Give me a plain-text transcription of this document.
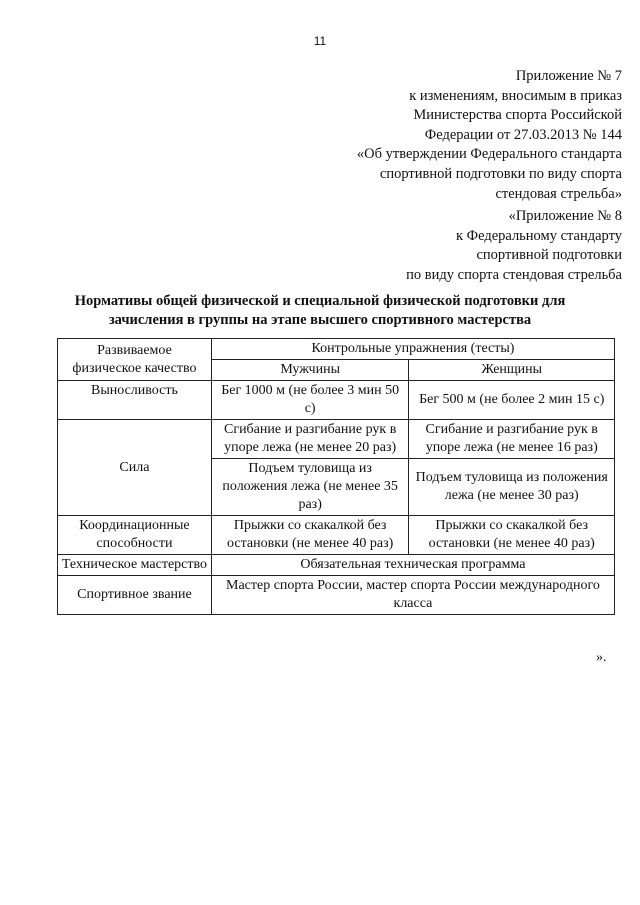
11
Приложение № 7
к изменениям, вносимым в приказ
Министерства спорта Российской
Федерации от 27.03.2013 № 144
«Об утверждении Федерального стандарта
спортивной подготовки по виду спорта
стендовая стрельба»
«Приложение № 8
к Федеральному стандарту
спортивной подготовки
по виду спорта стендовая стрельба
Нормативы общей физической и специальной физической подготовки для
зачисления в группы на этапе высшего спортивного мастерства
Развиваемое физическое качество	Контрольные упражнения (тесты)	
	Мужчины	Женщины
Выносливость	Бег 1000 м (не более 3 мин 50 с)	Бег 500 м (не более 2 мин 15 с)
Сила	Сгибание и разгибание рук в упоре лежа (не менее 20 раз)	Сгибание и разгибание рук в упоре лежа (не менее 16 раз)
	Подъем туловища из положения лежа (не менее 35 раз)	Подъем туловища из положения лежа (не менее 30 раз)
Координационные способности	Прыжки со скакалкой без остановки (не менее 40 раз)	Прыжки со скакалкой без остановки (не менее 40 раз)
Техническое мастерство	Обязательная техническая программа	
Спортивное звание	Мастер спорта России, мастер спорта России международного класса	
».
